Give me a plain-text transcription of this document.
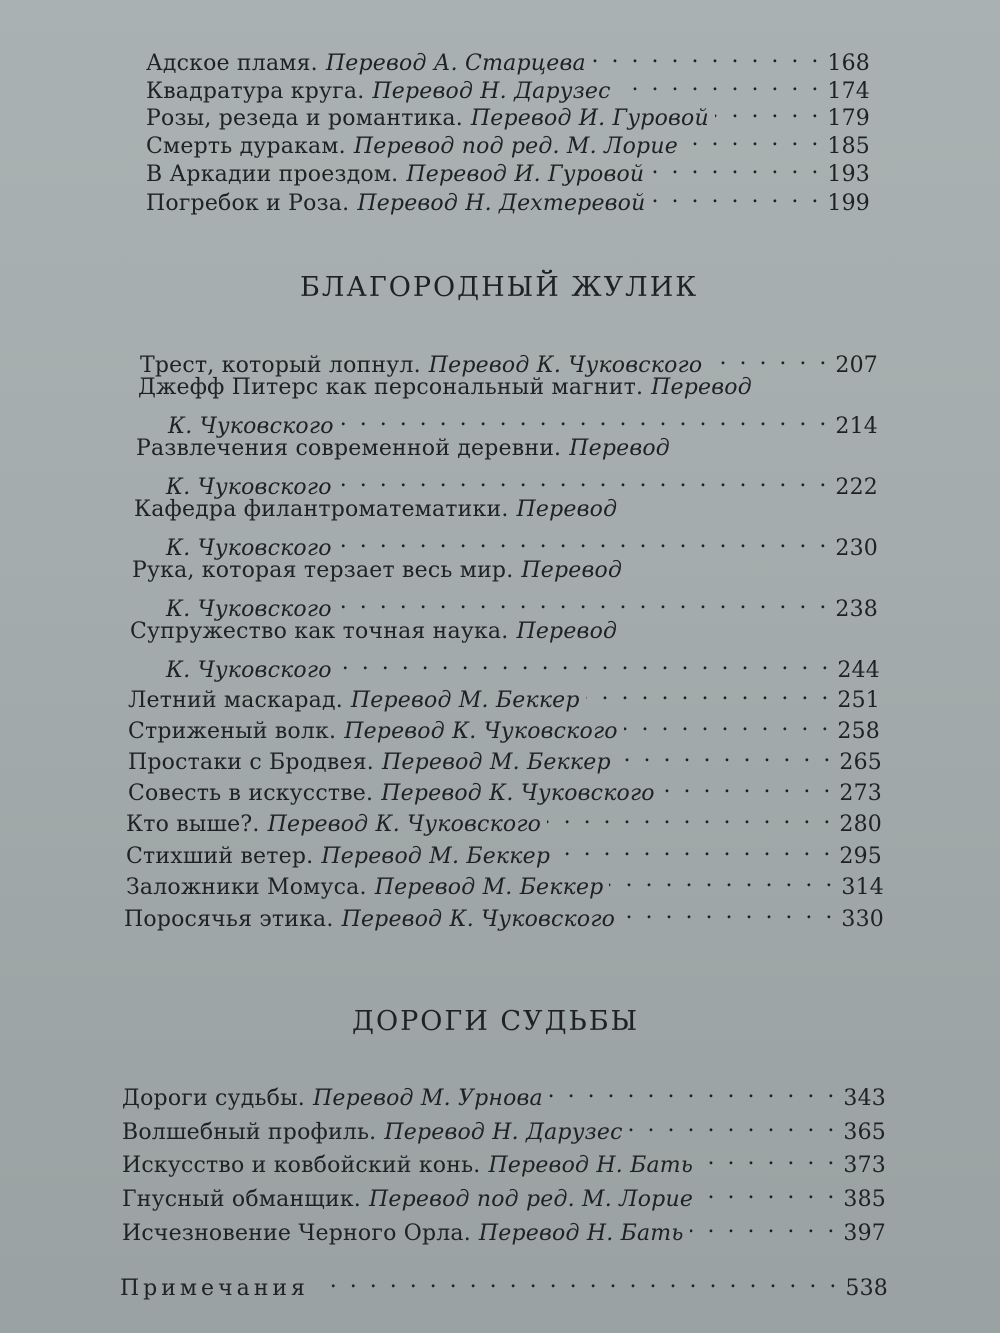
Адское пламя. Перевод А. Старцева . . .	168
Квадратура круга. Перевод Н. Дарузес . . .	174
Розы, резеда и романтика. Перевод И. Гуровой . . .	179
Смерть дуракам. Перевод под ред. М. Лорие . . .	185
В Аркадии проездом. Перевод И. Гуровой . . .	193
Погребок и Роза. Перевод Н. Дехтеревой . . .	199
БЛАГОРОДНЫЙ ЖУЛИК
Трест, который лопнул. Перевод К. Чуковского . . .	207
Джефф Питерс как персональный магнит. Перевод
К. Чуковского . . .	214
Развлечения современной деревни. Перевод
К. Чуковского . . .	222
Кафедра филантроматематики. Перевод
К. Чуковского . . .	230
Рука, которая терзает весь мир. Перевод
К. Чуковского . . .	238
Супружество как точная наука. Перевод
К. Чуковского . . .	244
Летний маскарад. Перевод М. Беккер . . .	251
Стриженый волк. Перевод К. Чуковского . . .	258
Простаки с Бродвея. Перевод М. Беккер . . .	265
Совесть в искусстве. Перевод К. Чуковского . . .	273
Кто выше?. Перевод К. Чуковского . . .	280
Стихший ветер. Перевод М. Беккер . . .	295
Заложники Момуса. Перевод М. Беккер . . .	314
Поросячья этика. Перевод К. Чуковского . . .	330
ДОРОГИ СУДЬБЫ
Дороги судьбы. Перевод М. Урнова . . .	343
Волшебный профиль. Перевод Н. Дарузес . . .	365
Искусство и ковбойский конь. Перевод Н. Бать . . .	373
Гнусный обманщик. Перевод под ред. М. Лорие . . .	385
Исчезновение Черного Орла. Перевод Н. Бать . . .	397
Примечания . . .	538
